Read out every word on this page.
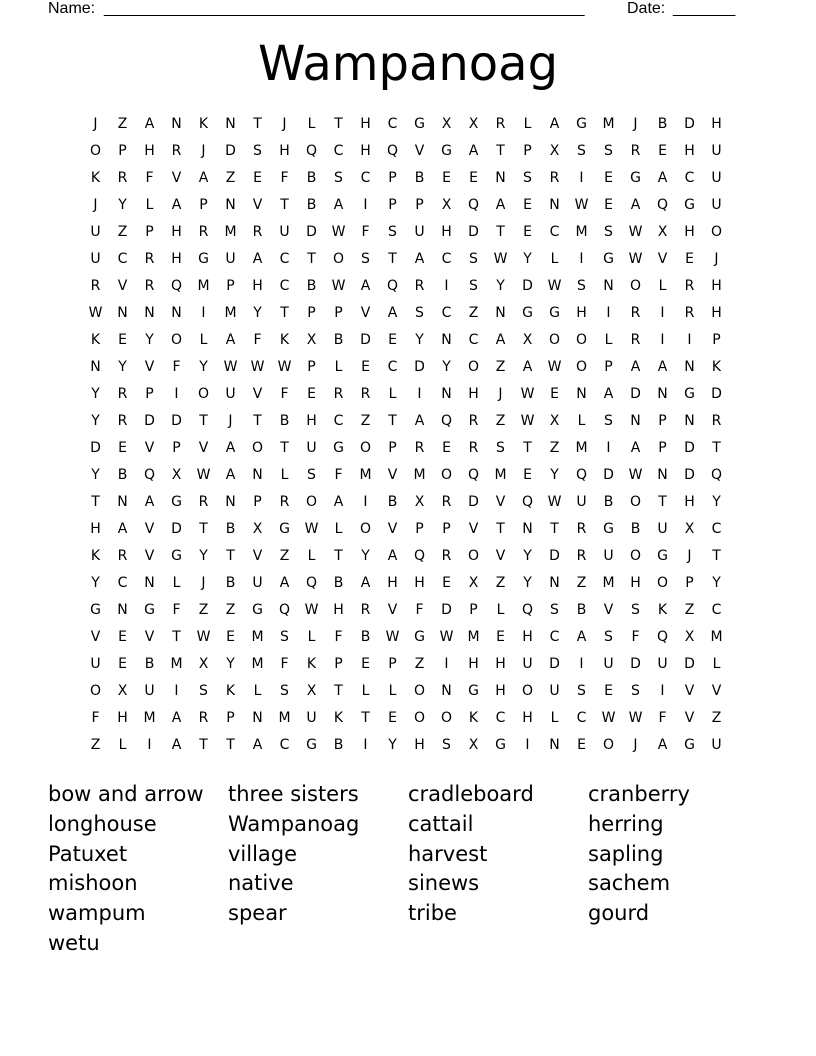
Name: ______________________________________________________	Date: _______
Wampanoag
J	Z	A	N	K	N	T	J	L	T	H	C	G	X	X	R	L	A	G	M	J	B	D	H
O	P	H	R	J	D	S	H	Q	C	H	Q	V	G	A	T	P	X	S	S	R	E	H	U
K	R	F	V	A	Z	E	F	B	S	C	P	B	E	E	N	S	R	I	E	G	A	C	U
J	Y	L	A	P	N	V	T	B	A	I	P	P	X	Q	A	E	N	W	E	A	Q	G	U
U	Z	P	H	R	M	R	U	D	W	F	S	U	H	D	T	E	C	M	S	W	X	H	O
U	C	R	H	G	U	A	C	T	O	S	T	A	C	S	W	Y	L	I	G	W	V	E	J
R	V	R	Q	M	P	H	C	B	W	A	Q	R	I	S	Y	D	W	S	N	O	L	R	H
W	N	N	N	I	M	Y	T	P	P	V	A	S	C	Z	N	G	G	H	I	R	I	R	H
K	E	Y	O	L	A	F	K	X	B	D	E	Y	N	C	A	X	O	O	L	R	I	I	P
N	Y	V	F	Y	W W W	P	L	E	C	D	Y	O	Z	A	W	O	P	A	A	N	K
Y	R	P	I	O	U	V	F	E	R	R	L	I	N	H	J	W	E	N	A	D	N	G	D
Y	R	D	D	T	J	T	B	H	C	Z	T	A	Q	R	Z	W	X	L	S	N	P	N	R
D	E	V	P	V	A	O	T	U	G	O	P	R	E	R	S	T	Z	M	I	A	P	D	T
Y	B	Q	X	W	A	N	L	S	F	M	V	M	O	Q	M	E	Y	Q	D	W	N	D	Q
T	N	A	G	R	N	P	R	O	A	I	B	X	R	D	V	Q	W	U	B	O	T	H	Y
H	A	V	D	T	B	X	G	W	L	O	V	P	P	V	T	N	T	R	G	B	U	X	C
K	R	V	G	Y	T	V	Z	L	T	Y	A	Q	R	O	V	Y	D	R	U	O	G	J	T
Y	C	N	L	J	B	U	A	Q	B	A	H	H	E	X	Z	Y	N	Z	M	H	O	P	Y
G	N	G	F	Z	Z	G	Q	W	H	R	V	F	D	P	L	Q	S	B	V	S	K	Z	C
V	E	V	T	W	E	M	S	L	F	B	W	G	W	M	E	H	C	A	S	F	Q	X	M
U	E	B	M	X	Y	M	F	K	P	E	P	Z	I	H	H	U	D	I	U	D	U	D	L
O	X	U	I	S	K	L	S	X	T	L	L	O	N	G	H	O	U	S	E	S	I	V	V
F	H	M	A	R	P	N	M	U	K	T	E	O	O	K	C	H	L	C	W W	F	V	Z
Z	L	I	A	T	T	A	C	G	B	I	Y	H	S	X	G	I	N	E	O	J	A	G	U
bow and arrow	three sisters	cradleboard	cranberry
longhouse	Wampanoag	cattail	herring
Patuxet	village	harvest	sapling
mishoon	native	sinews	sachem
wampum	spear	tribe	gourd
wetu
